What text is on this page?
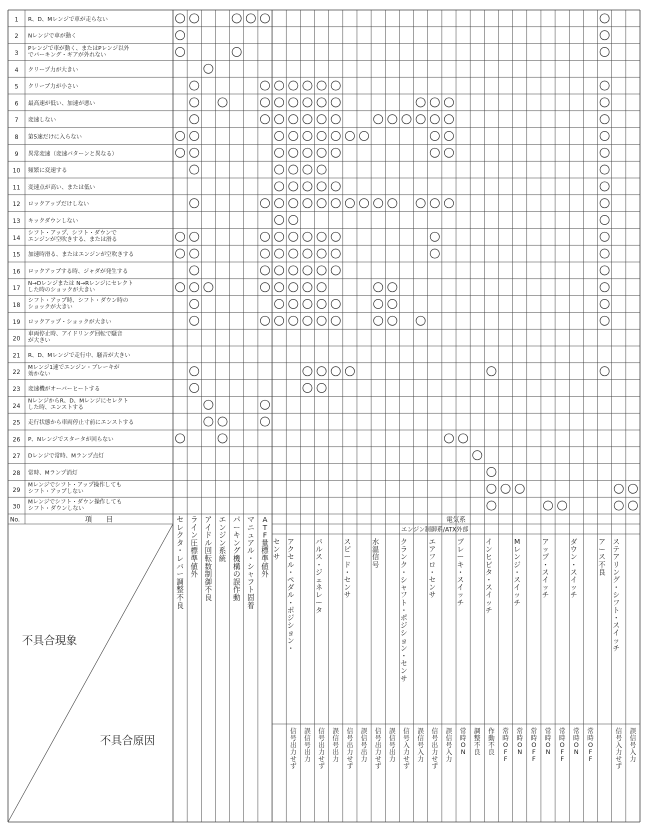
1 R、D、Mレンジで車が走らない
2 Nレンジで車が動く
3
Pレンジで車が動く、またはPレンジ以外
でパーキング・ギアが外れない
4 クリープ力が大きい
5 クリープ力が小さい
6 最高速が低い、加速が悪い
7 変速しない
8 第5速だけに入らない
9 異常変速（変速パターンと異なる）
10 頻繁に変速する
11 変速点が高い、または低い
12 ロックアップだけしない
13 キックダウンしない
14
シフト・アップ、シフト・ダウンで
エンジンが空吹きする、または滑る
15 加速時滑る、またはエンジンが空吹きする
16 ロックアップする時、ジャダが発生する
17
N→Dレンジまたは N→Rレンジにセレクト
した時のショックが大きい
18
シフト・アップ時、シフト・ダウン時の
ショックが大きい
19 ロックアップ・ショックが大きい
20
車両停止時、アイドリング回転で騒音
が大きい
21 R、D、Mレンジで走行中、騒音が大きい
22
Mレンジ1速でエンジン・ブレーキが
効かない
23 変速機がオーバーヒートする
24
NレンジからR、D、Mレンジにセレクト
した時、エンストする
25 走行状態から車両停止寸前にエンストする
26 P、Nレンジでスタータが回らない
27 Dレンジで常時、Mランプ点灯
28 常時、Mランプ消灯
29
Mレンジでシフト・アップ操作しても
シフト・アップしない
30
Mレンジでシフト・ダウン操作しても
シフト・ダウンしない
No.	項　　目
不具合現象
不具合原因
電気系
エンジン制御系/ATX外部
セ
レ
ク
タ
・
レ
バ
ー
調
整
不
良
ラ
イ
ン
圧
標
準
値
外
ア
イ
ド
ル
回
転
数
制
御
不
良
エ
ン
ジ
ン
系
統
パ
ー
キ
ン
グ
機
構
の
誤
作
動
マ
ニ
ュ
ア
ル
・
シ
ャ
フ
ト
固
着
A
T
F
量
標
準
値
外
セ
ン
サ
ア
ク
セ
ル
・
ペ
ダ
ル
・
ポ
ジ
シ
ョ
ン
・
パ
ル
ス
・
ジ
ェ
ネ
レ
ー
タ
ス
ピ
ー
ド
・
セ
ン
サ
水
温
信
号
ク
ラ
ン
ク
・
シ
ャ
フ
ト
・
ポ
ジ
シ
ョ
ン
・
セ
ン
サ
エ
ア
フ
ロ
・
セ
ン
サ
ブ
レ
ー
キ
・
ス
イ
ッ
チ
イ
ン
ヒ
ビ
タ
・
ス
イ
ッ
チ
M
レ
ン
ジ
・
ス
イ
ッ
チ
ア
ッ
プ
・
ス
イ
ッ
チ
ダ
ウ
ン
・
ス
イ
ッ
チ
ア
ー
ス
不
良
ス
テ
ア
リ
ン
グ
・
シ
フ
ト
・
ス
イ
ッ
チ
信
号
出
力
せ
ず
誤
信
号
出
力
信
号
出
力
せ
ず
誤
信
号
出
力
信
号
出
力
せ
ず
誤
信
号
出
力
信
号
出
力
せ
ず
誤
信
号
出
力
信
号
入
力
せ
ず
誤
信
号
入
力
信
号
出
力
せ
ず
誤
信
号
入
力
常
時
O
N
調
整
不
良
作
動
不
良
常
時
O
F
F
常
時
O
N
常
時
O
F
F
常
時
O
N
常
時
O
F
F
常
時
O
N
常
時
O
F
F
信
号
入
力
せ
ず
誤
信
号
入
力
